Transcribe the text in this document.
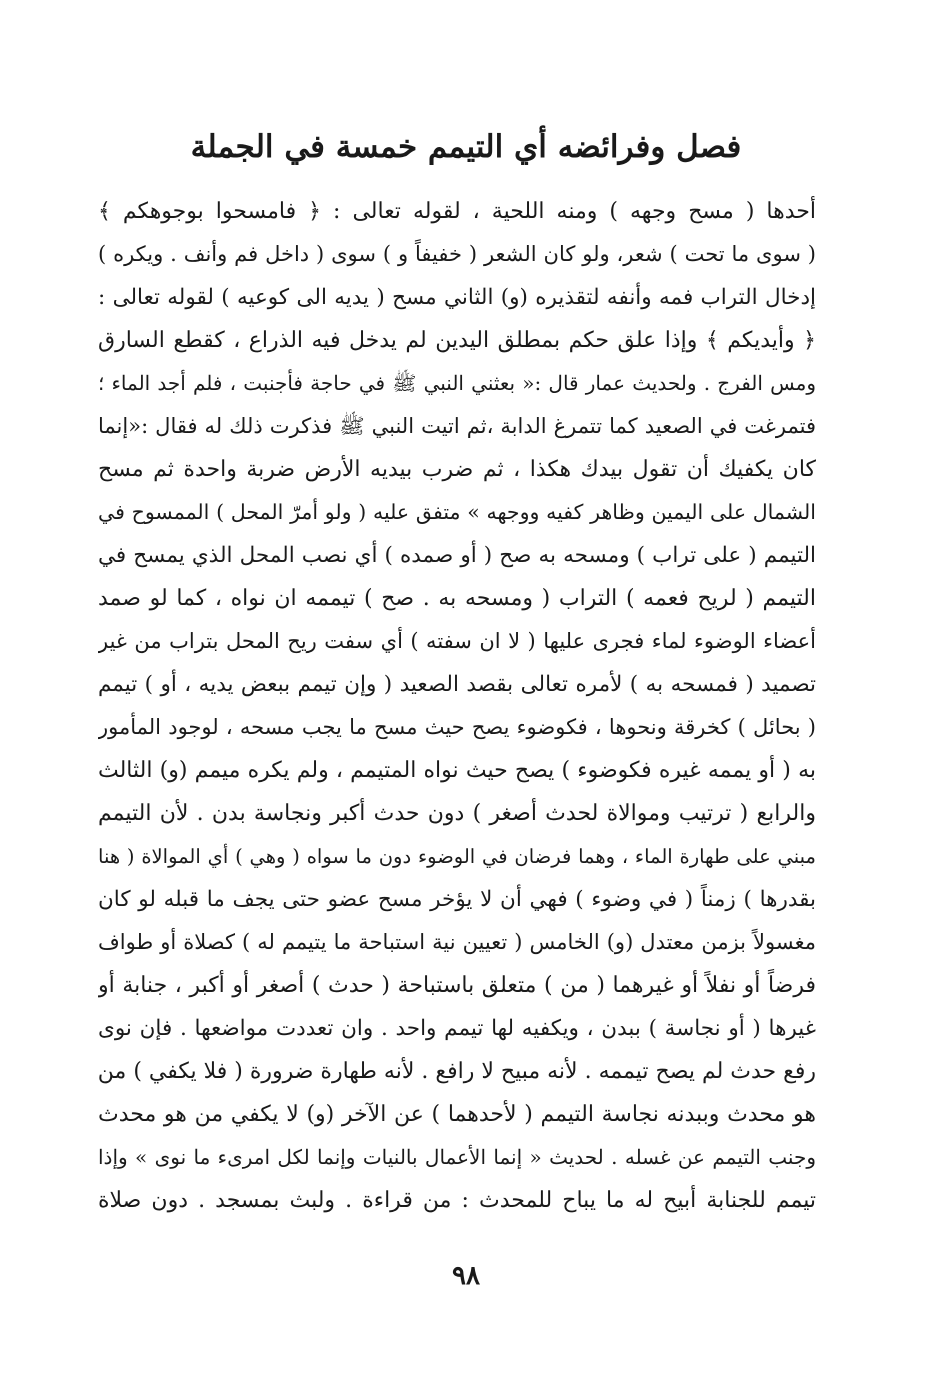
فصل وفرائضه أي التيمم خمسة في الجملة
أحدها ( مسح وجهه ) ومنه اللحية ، لقوله تعالى : ﴿ فامسحوا بوجوهكم ﴾
( سوى ما تحت ) شعر، ولو كان الشعر ( خفيفاً و ) سوى ( داخل فم وأنف . ويكره )
إدخال التراب فمه وأنفه لتقذيره (و) الثاني مسح ( يديه الى كوعيه ) لقوله تعالى :
﴿ وأيديكم ﴾ وإذا علق حكم بمطلق اليدين لم يدخل فيه الذراع ، كقطع السارق
ومس الفرج . ولحديث عمار قال :« بعثني النبي ﷺ في حاجة فأجنبت ، فلم أجد الماء ؛
فتمرغت في الصعيد كما تتمرغ الدابة ،ثم اتيت النبي ﷺ فذكرت ذلك له فقال :«إنما
كان يكفيك أن تقول بيدك هكذا ، ثم ضرب بيديه الأرض ضربة واحدة ثم مسح
الشمال على اليمين وظاهر كفيه ووجهه » متفق عليه ( ولو أمرّ المحل ) الممسوح في
التيمم ( على تراب ) ومسحه به صح ( أو صمده ) أي نصب المحل الذي يمسح في
التيمم ( لريح فعمه ) التراب ( ومسحه به . صح ) تيممه ان نواه ، كما لو صمد
أعضاء الوضوء لماء فجرى عليها ( لا ان سفته ) أي سفت ريح المحل بتراب من غير
تصميد ( فمسحه به ) لأمره تعالى بقصد الصعيد ( وإن تيمم ببعض يديه ، أو ) تيمم
( بحائل ) كخرقة ونحوها ، فكوضوء يصح حيث مسح ما يجب مسحه ، لوجود المأمور
به ( أو يممه غيره فكوضوء ) يصح حيث نواه المتيمم ، ولم يكره ميمم (و) الثالث
والرابع ( ترتيب وموالاة لحدث أصغر ) دون حدث أكبر ونجاسة بدن . لأن التيمم
مبني على طهارة الماء ، وهما فرضان في الوضوء دون ما سواه ( وهي ) أي الموالاة ( هنا
بقدرها ) زمناً ( في وضوء ) فهي أن لا يؤخر مسح عضو حتى يجف ما قبله لو كان
مغسولاً بزمن معتدل (و) الخامس ( تعيين نية استباحة ما يتيمم له ) كصلاة أو طواف
فرضاً أو نفلاً أو غيرهما ( من ) متعلق باستباحة ( حدث ) أصغر أو أكبر ، جنابة أو
غيرها ( أو نجاسة ) ببدن ، ويكفيه لها تيمم واحد . وان تعددت مواضعها . فإن نوى
رفع حدث لم يصح تيممه . لأنه مبيح لا رافع . لأنه طهارة ضرورة ( فلا يكفي ) من
هو محدث وببدنه نجاسة التيمم ( لأحدهما ) عن الآخر (و) لا يكفي من هو محدث
وجنب التيمم عن غسله . لحديث « إنما الأعمال بالنيات وإنما لكل امرىء ما نوى » وإذا
تيمم للجنابة أبيح له ما يباح للمحدث : من قراءة . ولبث بمسجد . دون صلاة
٩٨
